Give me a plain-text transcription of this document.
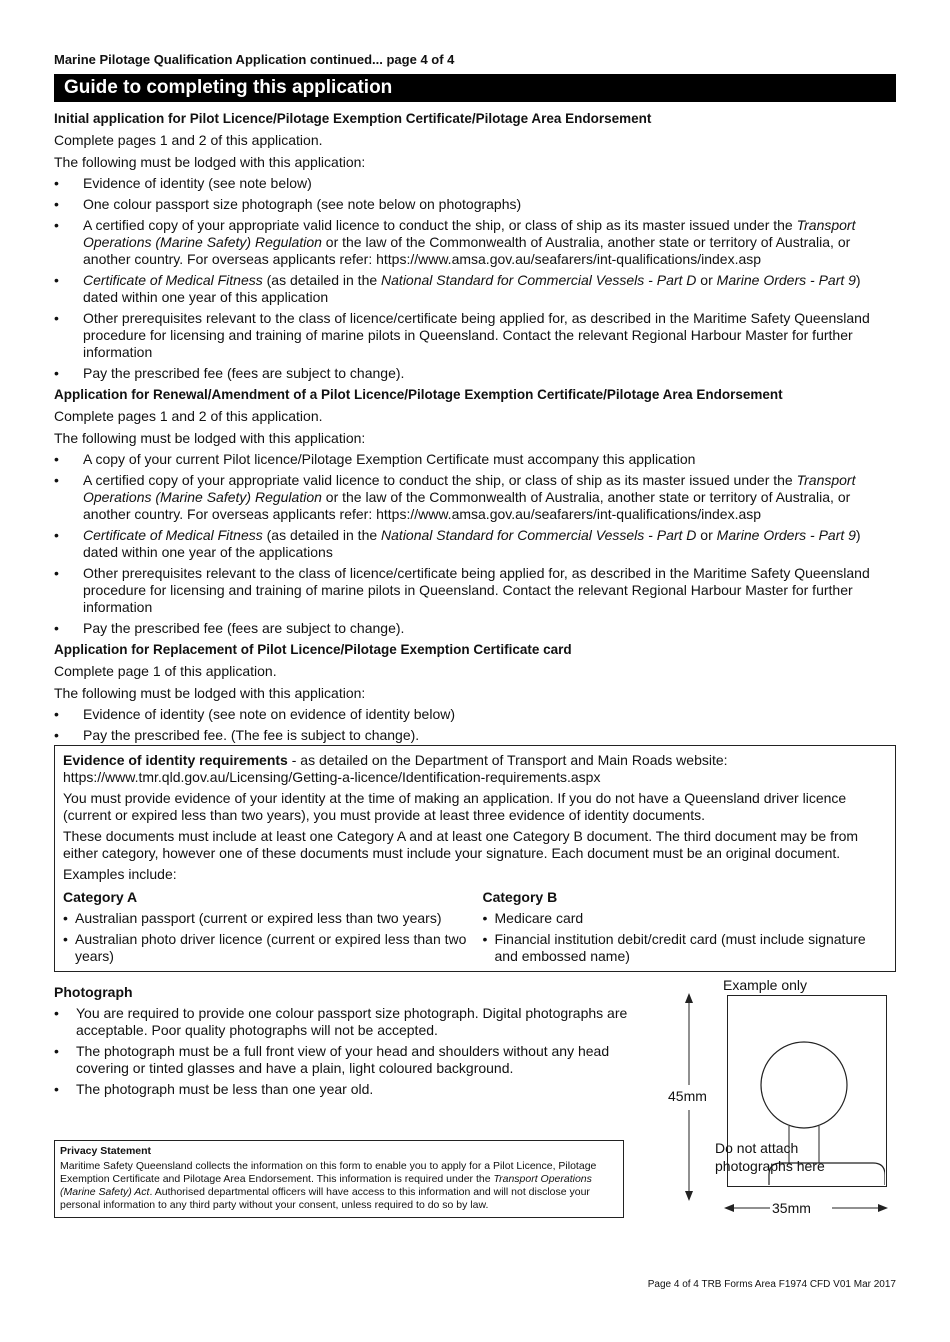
Marine Pilotage Qualification Application continued... page 4 of 4
Guide to completing this application
Initial application for Pilot Licence/Pilotage Exemption Certificate/Pilotage Area Endorsement

Complete pages 1 and 2 of this application.

The following must be lodged with this application:

• Evidence of identity (see note below)
• One colour passport size photograph (see note below on photographs)
• A certified copy of your appropriate valid licence to conduct the ship, or class of ship as its master issued under the Transport Operations (Marine Safety) Regulation or the law of the Commonwealth of Australia, another state or territory of Australia, or another country. For overseas applicants refer: https://www.amsa.gov.au/seafarers/int-qualifications/index.asp
• Certificate of Medical Fitness (as detailed in the National Standard for Commercial Vessels - Part D or Marine Orders - Part 9) dated within one year of this application
• Other prerequisites relevant to the class of licence/certificate being applied for, as described in the Maritime Safety Queensland procedure for licensing and training of marine pilots in Queensland. Contact the relevant Regional Harbour Master for further information
• Pay the prescribed fee (fees are subject to change).
Application for Renewal/Amendment of a Pilot Licence/Pilotage Exemption Certificate/Pilotage Area Endorsement

Complete pages 1 and 2 of this application.

The following must be lodged with this application:

• A copy of your current Pilot licence/Pilotage Exemption Certificate must accompany this application
• A certified copy of your appropriate valid licence to conduct the ship, or class of ship as its master issued under the Transport Operations (Marine Safety) Regulation or the law of the Commonwealth of Australia, another state or territory of Australia, or another country. For overseas applicants refer: https://www.amsa.gov.au/seafarers/int-qualifications/index.asp
• Certificate of Medical Fitness (as detailed in the National Standard for Commercial Vessels - Part D or Marine Orders - Part 9) dated within one year of the applications
• Other prerequisites relevant to the class of licence/certificate being applied for, as described in the Maritime Safety Queensland procedure for licensing and training of marine pilots in Queensland. Contact the relevant Regional Harbour Master for further information
• Pay the prescribed fee (fees are subject to change).
Application for Replacement of Pilot Licence/Pilotage Exemption Certificate card

Complete page 1 of this application.

The following must be lodged with this application:

• Evidence of identity (see note on evidence of identity below)
• Pay the prescribed fee. (The fee is subject to change).

Evidence of identity requirements - as detailed on the Department of Transport and Main Roads website:
https://www.tmr.qld.gov.au/Licensing/Getting-a-licence/Identification-requirements.aspx

You must provide evidence of your identity at the time of making an application. If you do not have a Queensland driver licence (current or expired less than two years), you must provide at least three evidence of identity documents.

These documents must include at least one Category A and at least one Category B document. The third document may be from either category, however one of these documents must include your signature. Each document must be an original document.

Examples include:

Category A
• Australian passport (current or expired less than two years)
• Australian photo driver licence (current or expired less than two years)
Category B
• Medicare card
• Financial institution debit/credit card (must include signature and embossed name)
Photograph
• You are required to provide one colour passport size photograph. Digital photographs are acceptable. Poor quality photographs will not be accepted.
• The photograph must be a full front view of your head and shoulders without any head covering or tinted glasses and have a plain, light coloured background.
• The photograph must be less than one year old.
Privacy Statement
Maritime Safety Queensland collects the information on this form to enable you to apply for a Pilot Licence, Pilotage Exemption Certificate and Pilotage Area Endorsement. This information is required under the Transport Operations (Marine Safety) Act. Authorised departmental officers will have access to this information and will not disclose your personal information to any third party without your consent, unless required to do so by law.
Example only
45mm
Do not attach
photographs here
35mm
Page 4 of 4 TRB Forms Area F1974 CFD V01 Mar 2017
